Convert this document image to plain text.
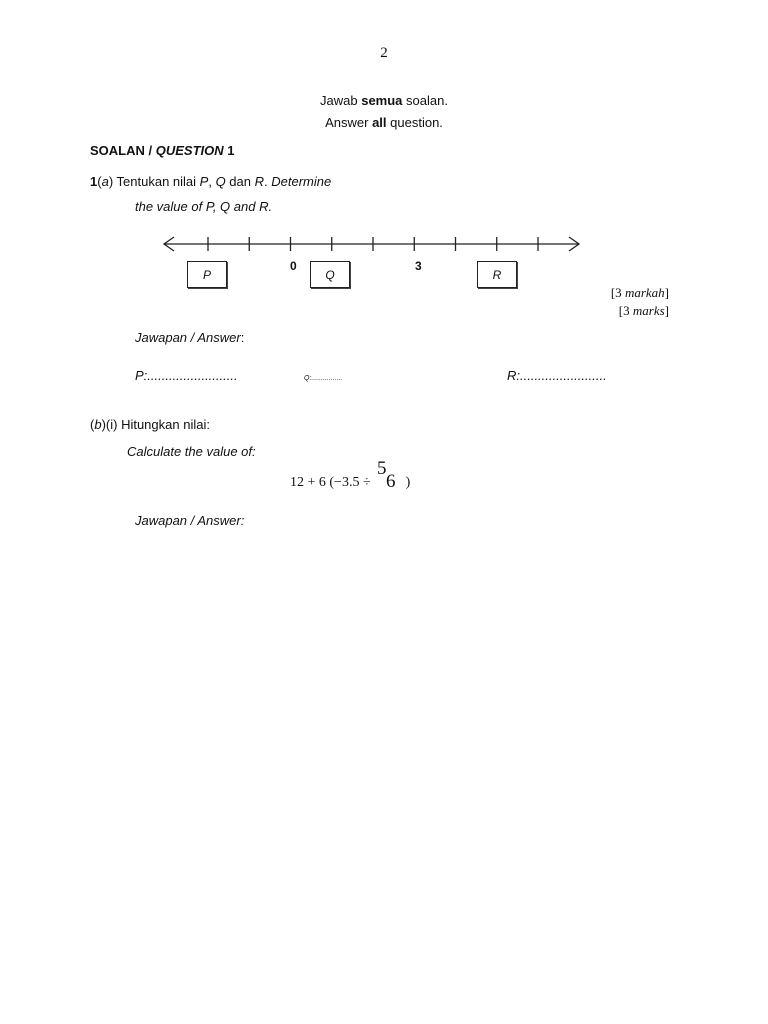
2
Jawab semua soalan.
Answer all question.
SOALAN / QUESTION 1
1(a) Tentukan nilai P, Q dan R. Determine
the value of P, Q and R.
0	3
P	Q	R
[3 markah]
[3 marks]
Jawapan / Answer:
P:.........................	Q:................	R:........................
(b)(i) Hitungkan nilai:
Calculate the value of:
12 + 6 (−3.5 ÷  )
5
6
Jawapan / Answer:
